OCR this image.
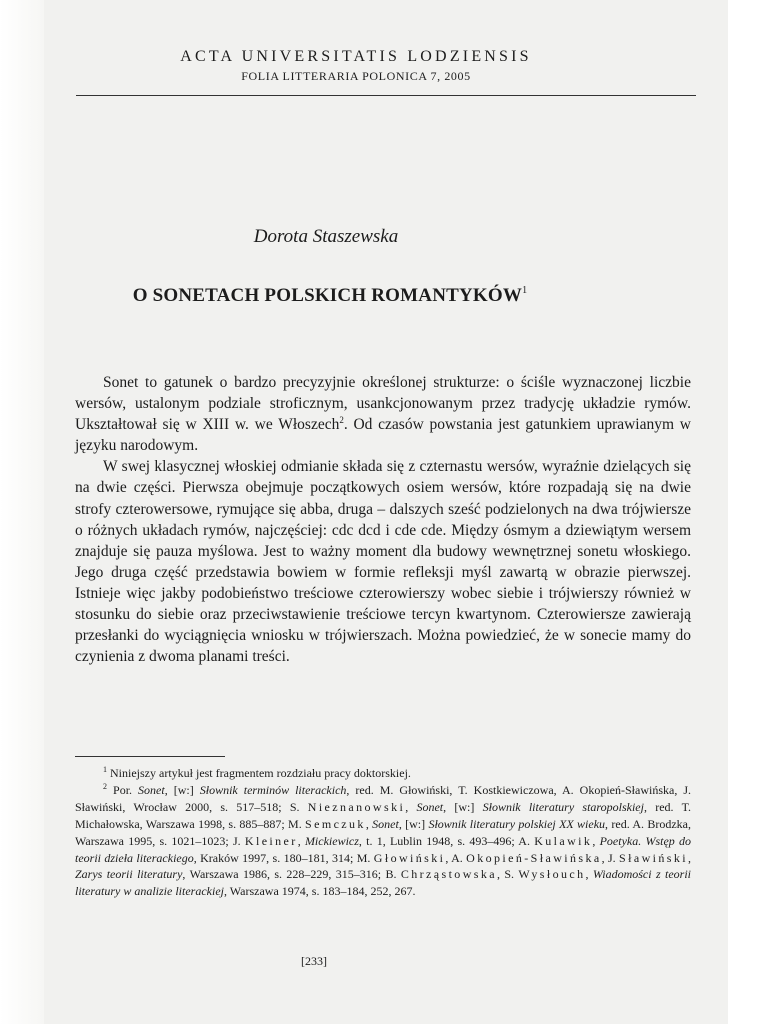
ACTA UNIVERSITATIS LODZIENSIS
FOLIA LITTERARIA POLONICA 7, 2005
Dorota Staszewska
O SONETACH POLSKICH ROMANTYKÓW$^1$

Sonet to gatunek o bardzo precyzyjnie określonej strukturze: o ściśle wyznaczonej liczbie wersów, ustalonym podziale stroficznym, usankcjonowanym przez tradycję układzie rymów. Ukształtował się w XIII w. we Włoszech$^2$. Od czasów powstania jest gatunkiem uprawianym w języku narodowym.

W swej klasycznej włoskiej odmianie składa się z czternastu wersów, wyraźnie dzielących się na dwie części. Pierwsza obejmuje początkowych osiem wersów, które rozpadają się na dwie strofy czterowersowe, rymujące się abba, druga – dalszych sześć podzielonych na dwa trójwiersze o różnych układach rymów, najczęściej: cdc dcd i cde cde. Między ósmym a dziewiątym wersem znajduje się pauza myślowa. Jest to ważny moment dla budowy wewnętrznej sonetu włoskiego. Jego druga część przedstawia bowiem w formie refleksji myśl zawartą w obrazie pierwszej. Istnieje więc jakby podobieństwo treściowe czterowierszy wobec siebie i trójwierszy również w stosunku do siebie oraz przeciwstawienie treściowe tercyn kwartynom. Czterowiersze zawierają przesłanki do wyciągnięcia wniosku w trójwierszach. Można powiedzieć, że w sonecie mamy do czynienia z dwoma planami treści.

$^1$ Niniejszy artykuł jest fragmentem rozdziału pracy doktorskiej.

$^2$ Por. Sonet, [w:] Słownik terminów literackich, red. M. Głowiński, T. Kostkiewiczowa, A. Okopień-Sławińska, J. Sławiński, Wrocław 2000, s. 517–518; S. Nieznanowski, Sonet, [w:] Słownik literatury staropolskiej, red. T. Michałowska, Warszawa 1998, s. 885–887; M. Semczuk, Sonet, [w:] Słownik literatury polskiej XX wieku, red. A. Brodzka, Warszawa 1995, s. 1021–1023; J. Kleiner, Mickiewicz, t. 1, Lublin 1948, s. 493–496; A. Kulawik, Poetyka. Wstęp do teorii dzieła literackiego, Kraków 1997, s. 180–181, 314; M. Głowiński, A. Okopień-Sławińska, J. Sławiński, Zarys teorii literatury, Warszawa 1986, s. 228–229, 315–316; B. Chrząstowska, S. Wysłouch, Wiadomości z teorii literatury w analizie literackiej, Warszawa 1974, s. 183–184, 252, 267.

[233]
